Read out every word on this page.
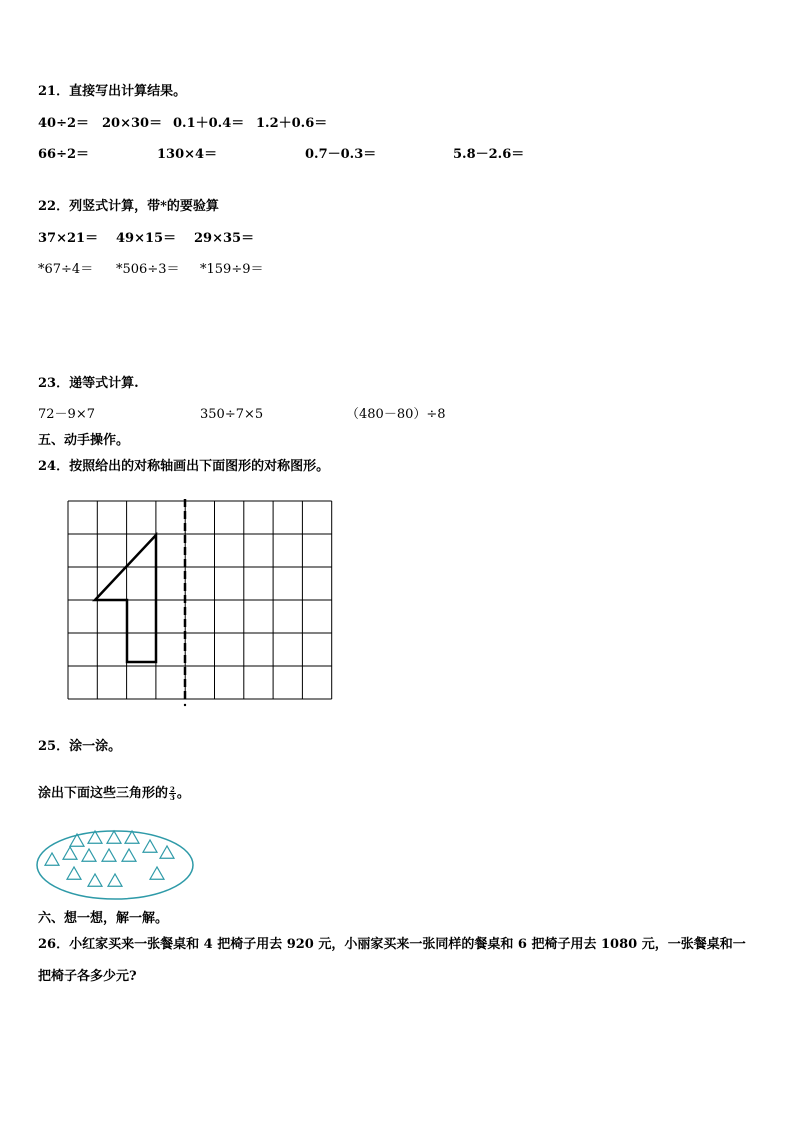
21．直接写出计算结果。
40÷2＝ 20×30＝ 0.1＋0.4＝ 1.2＋0.6＝
66÷2＝	130×4＝	0.7－0.3＝	5.8－2.6＝
22．列竖式计算，带*的要验算
37×21＝ 49×15＝ 29×35＝
*67÷4＝ *506÷3＝ *159÷9＝
23．递等式计算.
72－9×7	350÷7×5	（480－80）÷8
五、动手操作。
24．按照给出的对称轴画出下面图形的对称图形。
25．涂一涂。
涂出下面这些三角形的 $\frac{2}{3}$ 。
六、想一想，解一解。
26．小红家买来一张餐桌和 4 把椅子用去 920 元，小丽家买来一张同样的餐桌和 6 把椅子用去 1080 元，一张餐桌和一
把椅子各多少元?
